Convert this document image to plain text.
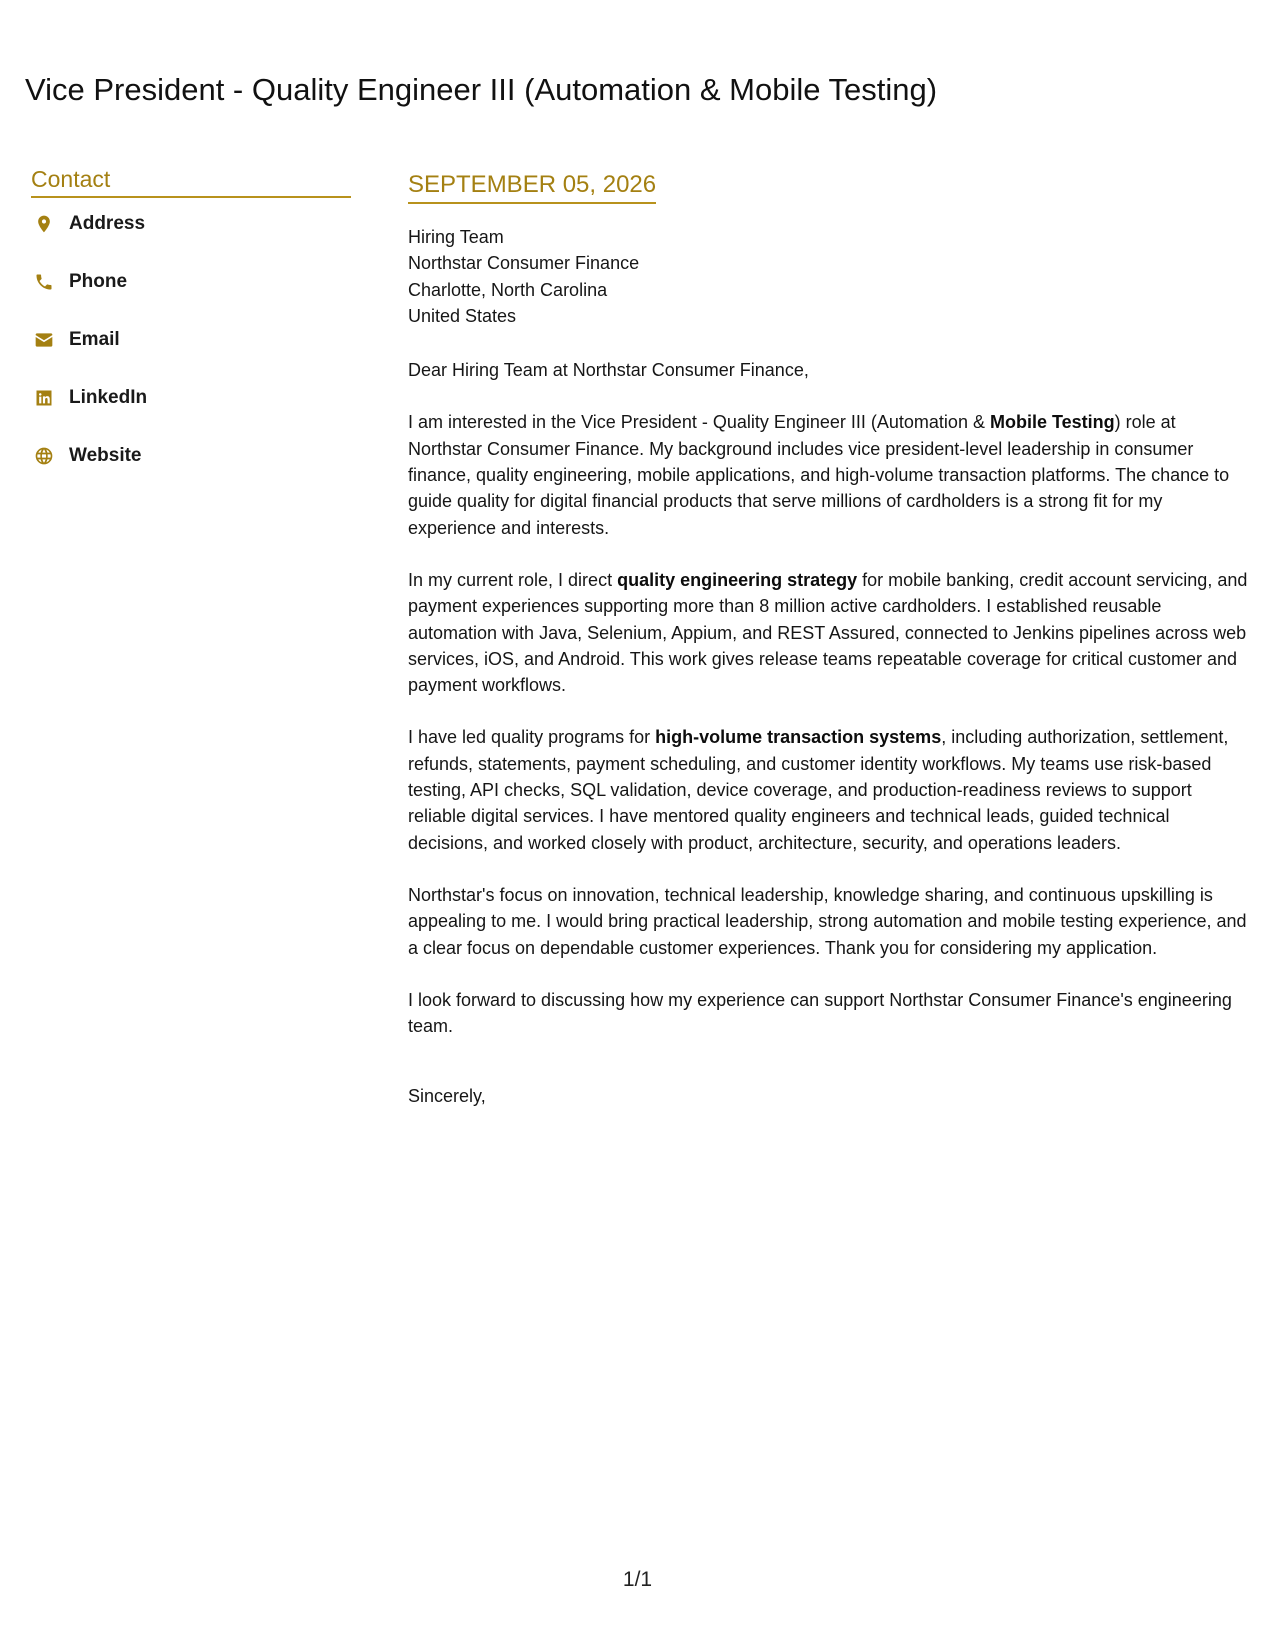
Vice President - Quality Engineer III (Automation & Mobile Testing)
Contact
Address
Phone
Email
LinkedIn
Website
SEPTEMBER 05, 2026
Hiring Team
Northstar Consumer Finance
Charlotte, North Carolina
United States
Dear Hiring Team at Northstar Consumer Finance,

I am interested in the Vice President - Quality Engineer III (Automation & Mobile Testing) role at Northstar Consumer Finance. My background includes vice president-level leadership in consumer finance, quality engineering, mobile applications, and high-volume transaction platforms. The chance to guide quality for digital financial products that serve millions of cardholders is a strong fit for my experience and interests.

In my current role, I direct quality engineering strategy for mobile banking, credit account servicing, and payment experiences supporting more than 8 million active cardholders. I established reusable automation with Java, Selenium, Appium, and REST Assured, connected to Jenkins pipelines across web services, iOS, and Android. This work gives release teams repeatable coverage for critical customer and payment workflows.

I have led quality programs for high-volume transaction systems, including authorization, settlement, refunds, statements, payment scheduling, and customer identity workflows. My teams use risk-based testing, API checks, SQL validation, device coverage, and production-readiness reviews to support reliable digital services. I have mentored quality engineers and technical leads, guided technical decisions, and worked closely with product, architecture, security, and operations leaders.

Northstar's focus on innovation, technical leadership, knowledge sharing, and continuous upskilling is appealing to me. I would bring practical leadership, strong automation and mobile testing experience, and a clear focus on dependable customer experiences. Thank you for considering my application.

I look forward to discussing how my experience can support Northstar Consumer Finance's engineering team.

Sincerely,
1/1
